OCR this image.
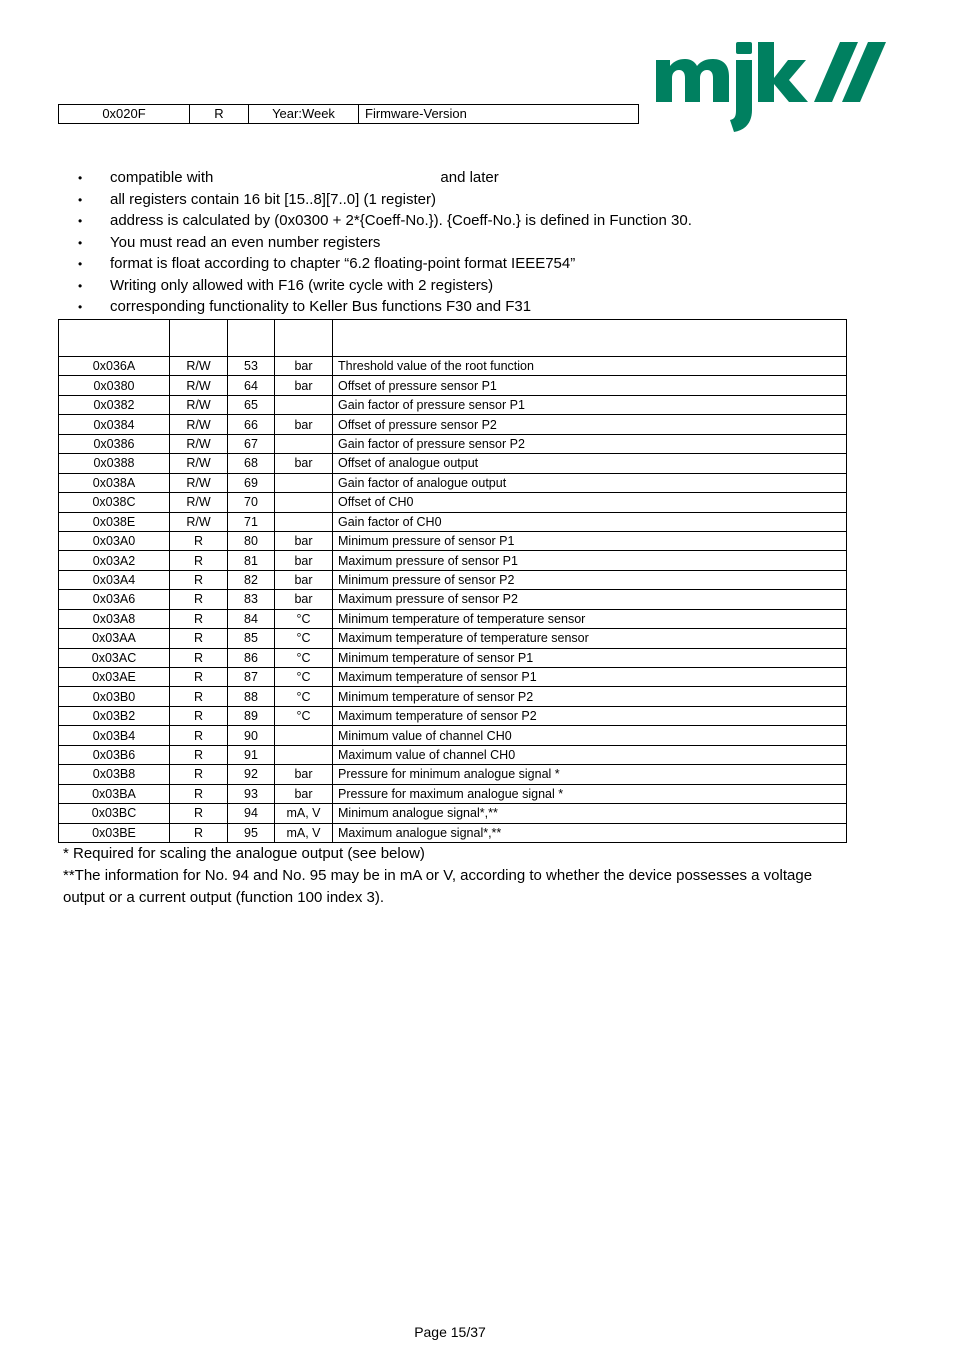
0x020F	R	Year:Week	Firmware-Version
• compatible with	and later
• all registers contain 16 bit [15..8][7..0] (1 register)
• address is calculated by (0x0300 + 2*{Coeff-No.}). {Coeff-No.} is defined in Function 30.
• You must read an even number registers
• format is float according to chapter “6.2 floating-point format IEEE754”
• Writing only allowed with F16 (write cycle with 2 registers)
• corresponding functionality to Keller Bus functions F30 and F31

0x036A	R/W	53	bar	Threshold value of the root function
0x0380	R/W	64	bar	Offset of pressure sensor P1
0x0382	R/W	65		Gain factor of pressure sensor P1
0x0384	R/W	66	bar	Offset of pressure sensor P2
0x0386	R/W	67		Gain factor of pressure sensor P2
0x0388	R/W	68	bar	Offset of analogue output
0x038A	R/W	69		Gain factor of analogue output
0x038C	R/W	70		Offset of CH0
0x038E	R/W	71		Gain factor of CH0
0x03A0	R	80	bar	Minimum pressure of sensor P1
0x03A2	R	81	bar	Maximum pressure of sensor P1
0x03A4	R	82	bar	Minimum pressure of sensor P2
0x03A6	R	83	bar	Maximum pressure of sensor P2
0x03A8	R	84	°C	Minimum temperature of temperature sensor
0x03AA	R	85	°C	Maximum temperature of temperature sensor
0x03AC	R	86	°C	Minimum temperature of sensor P1
0x03AE	R	87	°C	Maximum temperature of sensor P1
0x03B0	R	88	°C	Minimum temperature of sensor P2
0x03B2	R	89	°C	Maximum temperature of sensor P2
0x03B4	R	90		Minimum value of channel CH0
0x03B6	R	91		Maximum value of channel CH0
0x03B8	R	92	bar	Pressure for minimum analogue signal *
0x03BA	R	93	bar	Pressure for maximum analogue signal *
0x03BC	R	94	mA, V	Minimum analogue signal*,**
0x03BE	R	95	mA, V	Maximum analogue signal*,**

* Required for scaling the analogue output (see below)

**The information for No. 94 and No. 95 may be in mA or V, according to whether the device possesses a voltage output or a current output (function 100 index 3).

Page 15/37
